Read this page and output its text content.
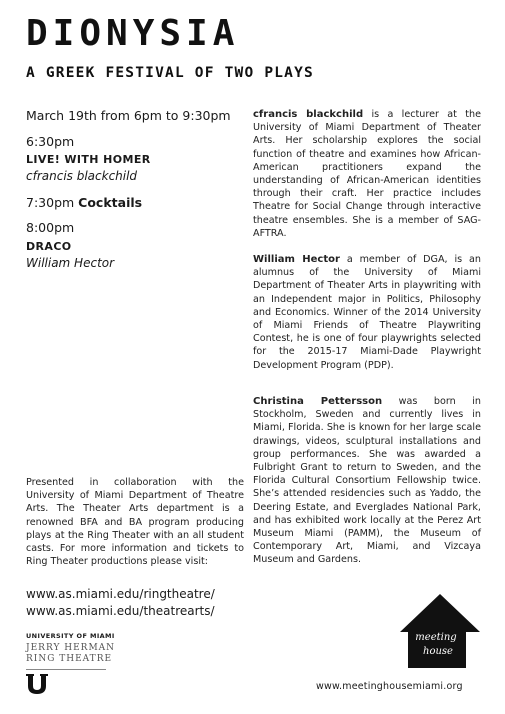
DIONYSIA
A GREEK FESTIVAL OF TWO PLAYS
March 19th from 6pm to 9:30pm
6:30pm
LIVE! WITH HOMER
cfrancis blackchild
7:30pm Cocktails
8:00pm
DRACO
William Hector
cfrancis blackchild is a lecturer at the University of Miami Department of Theater Arts. Her scholarship explores the social function of theatre and examines how African-American practitioners expand the understanding of African-American identities through their craft. Her practice includes Theatre for Social Change through interactive theatre ensembles. She is a member of SAG-AFTRA.
William Hector a member of DGA, is an alumnus of the University of Miami Department of Theater Arts in playwriting with an Independent major in Politics, Philosophy and Economics. Winner of the 2014 University of Miami Friends of Theatre Playwriting Contest, he is one of four playwrights selected for the 2015-17 Miami-Dade Playwright Development Program (PDP).
Christina Pettersson was born in Stockholm, Sweden and currently lives in Miami, Florida. She is known for her large scale drawings, videos, sculptural installations and group performances. She was awarded a Fulbright Grant to return to Sweden, and the Florida Cultural Consortium Fellowship twice. She’s attended residencies such as Yaddo, the Deering Estate, and Everglades National Park, and has exhibited work locally at the Perez Art Museum Miami (PAMM), the Museum of Contemporary Art, Miami, and Vizcaya Museum and Gardens.
Presented in collaboration with the University of Miami Department of Theatre Arts. The Theater Arts department is a renowned BFA and BA program producing plays at the Ring Theater with an all student casts. For more information and tickets to Ring Theater productions please visit:
www.as.miami.edu/ringtheatre/
www.as.miami.edu/theatrearts/
UNIVERSITY OF MIAMI
JERRY HERMAN
RING THEATRE
meeting
house
www.meetinghousemiami.org
